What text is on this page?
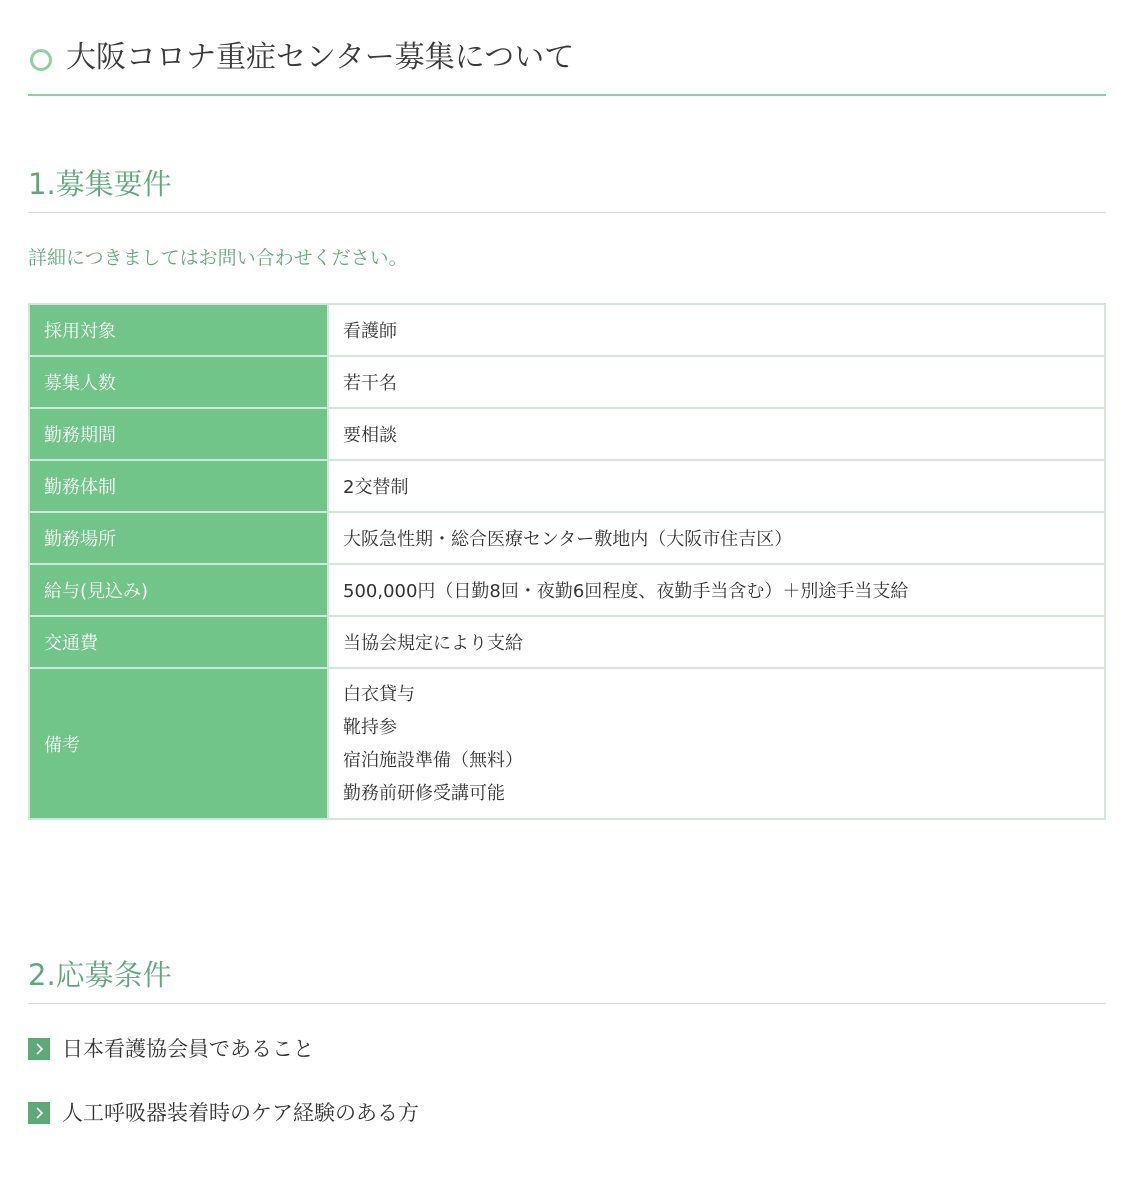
大阪コロナ重症センター募集について
1.募集要件
詳細につきましてはお問い合わせください。
採用対象	看護師
募集人数	若干名
勤務期間	要相談
勤務体制	2交替制
勤務場所	大阪急性期・総合医療センター敷地内（大阪市住吉区）
給与(見込み)	500,000円（日勤8回・夜勤6回程度、夜勤手当含む）＋別途手当支給
交通費	当協会規定により支給
備考	白衣貸与
靴持参
宿泊施設準備（無料）
勤務前研修受講可能
2.応募条件
日本看護協会員であること
人工呼吸器装着時のケア経験のある方
